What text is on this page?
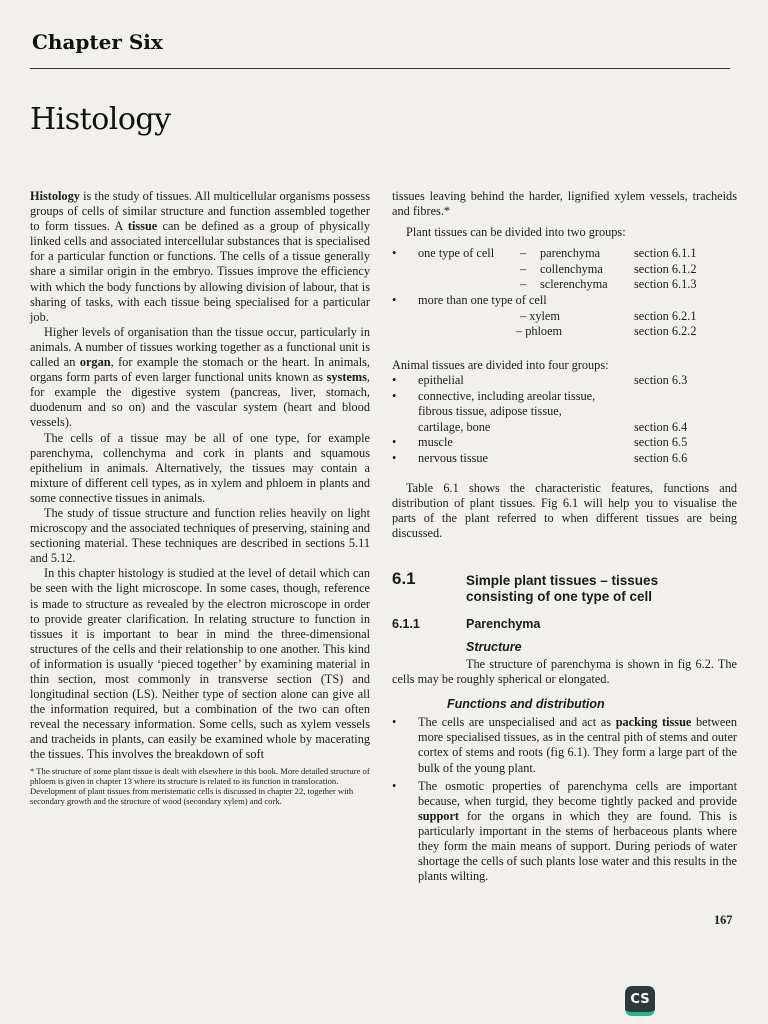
Chapter Six
Histology

Histology is the study of tissues. All multicellular organisms possess groups of cells of similar structure and function assembled together to form tissues. A tissue can be defined as a group of physically linked cells and associated intercellular substances that is specialised for a particular function or functions. The cells of a tissue generally share a similar origin in the embryo. Tissues improve the efficiency with which the body functions by allowing division of labour, that is sharing of tasks, with each tissue being specialised for a particular job.

Higher levels of organisation than the tissue occur, particularly in animals. A number of tissues working together as a functional unit is called an organ, for example the stomach or the heart. In animals, organs form parts of even larger functional units known as systems, for example the digestive system (pancreas, liver, stomach, duodenum and so on) and the vascular system (heart and blood vessels).

The cells of a tissue may be all of one type, for example parenchyma, collenchyma and cork in plants and squamous epithelium in animals. Alternatively, the tissues may contain a mixture of different cell types, as in xylem and phloem in plants and some connective tissues in animals.

The study of tissue structure and function relies heavily on light microscopy and the associated techniques of preserving, staining and sectioning material. These techniques are described in sections 5.11 and 5.12.

In this chapter histology is studied at the level of detail which can be seen with the light microscope. In some cases, though, reference is made to structure as revealed by the electron microscope in order to provide greater clarification. In relating structure to function in tissues it is important to bear in mind the three-dimensional structures of the cells and their relationship to one another. This kind of information is usually ‘pieced together’ by examining material in thin section, most commonly in transverse section (TS) and longitudinal section (LS). Neither type of section alone can give all the information required, but a combination of the two can often reveal the necessary information. Some cells, such as xylem vessels and tracheids in plants, can easily be examined whole by macerating the tissues. This involves the breakdown of soft

* The structure of some plant tissue is dealt with elsewhere in this book. More detailed structure of phloem is given in chapter 13 where its structure is related to its function in translocation. Development of plant tissues from meristematic cells is discussed in chapter 22, together with secondary growth and the structure of wood (secondary xylem) and cork.

tissues leaving behind the harder, lignified xylem vessels, tracheids and fibres.*

Plant tissues can be divided into two groups:

• one type of cell – parenchyma	section 6.1.1
– collenchyma	section 6.1.2
– sclerenchyma section 6.1.3
• more than one type of cell
– xylem	section 6.2.1
– phloem	section 6.2.2

Animal tissues are divided into four groups:

• epithelial	section 6.3
• connective, including areolar tissue,
fibrous tissue, adipose tissue,
cartilage, bone	section 6.4
• muscle	section 6.5
• nervous tissue	section 6.6

Table 6.1 shows the characteristic features, functions and distribution of plant tissues. Fig 6.1 will help you to visualise the parts of the plant referred to when different tissues are being discussed.

6.1	Simple plant tissues – tissues consisting of one type of cell
6.1.1	Parenchyma
Structure

The structure of parenchyma is shown in fig 6.2. The cells may be roughly spherical or elongated.

Functions and distribution
• The cells are unspecialised and act as packing tissue between more specialised tissues, as in the central pith of stems and outer cortex of stems and roots (fig 6.1). They form a large part of the bulk of the young plant.
• The osmotic properties of parenchyma cells are important because, when turgid, they become tightly packed and provide support for the organs in which they are found. This is particularly important in the stems of herbaceous plants where they form the main means of support. During periods of water shortage the cells of such plants lose water and this results in the plants wilting.
167
CS
